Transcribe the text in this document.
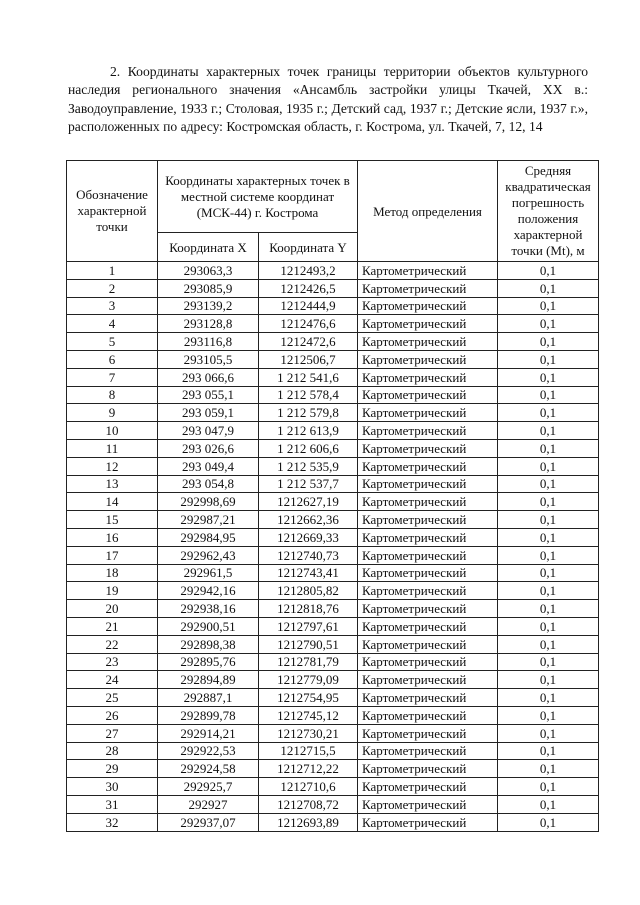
2. Координаты характерных точек границы территории объектов культурного наследия регионального значения «Ансамбль застройки улицы Ткачей, XX в.: Заводоуправление, 1933 г.; Столовая, 1935 г.; Детский сад, 1937 г.; Детские ясли, 1937 г.», расположенных по адресу: Костромская область, г. Кострома, ул. Ткачей, 7, 12, 14
Обозначение характерной точки	Координаты характерных точек в местной системе координат (МСК-44) г. Кострома		Метод определения	Средняя квадратическая погрешность положения характерной точки (Mt), м
	Координата X	Координата Y		
1	293063,3	1212493,2	Картометрический	0,1
2	293085,9	1212426,5	Картометрический	0,1
3	293139,2	1212444,9	Картометрический	0,1
4	293128,8	1212476,6	Картометрический	0,1
5	293116,8	1212472,6	Картометрический	0,1
6	293105,5	1212506,7	Картометрический	0,1
7	293 066,6	1 212 541,6	Картометрический	0,1
8	293 055,1	1 212 578,4	Картометрический	0,1
9	293 059,1	1 212 579,8	Картометрический	0,1
10	293 047,9	1 212 613,9	Картометрический	0,1
11	293 026,6	1 212 606,6	Картометрический	0,1
12	293 049,4	1 212 535,9	Картометрический	0,1
13	293 054,8	1 212 537,7	Картометрический	0,1
14	292998,69	1212627,19	Картометрический	0,1
15	292987,21	1212662,36	Картометрический	0,1
16	292984,95	1212669,33	Картометрический	0,1
17	292962,43	1212740,73	Картометрический	0,1
18	292961,5	1212743,41	Картометрический	0,1
19	292942,16	1212805,82	Картометрический	0,1
20	292938,16	1212818,76	Картометрический	0,1
21	292900,51	1212797,61	Картометрический	0,1
22	292898,38	1212790,51	Картометрический	0,1
23	292895,76	1212781,79	Картометрический	0,1
24	292894,89	1212779,09	Картометрический	0,1
25	292887,1	1212754,95	Картометрический	0,1
26	292899,78	1212745,12	Картометрический	0,1
27	292914,21	1212730,21	Картометрический	0,1
28	292922,53	1212715,5	Картометрический	0,1
29	292924,58	1212712,22	Картометрический	0,1
30	292925,7	1212710,6	Картометрический	0,1
31	292927	1212708,72	Картометрический	0,1
32	292937,07	1212693,89	Картометрический	0,1
